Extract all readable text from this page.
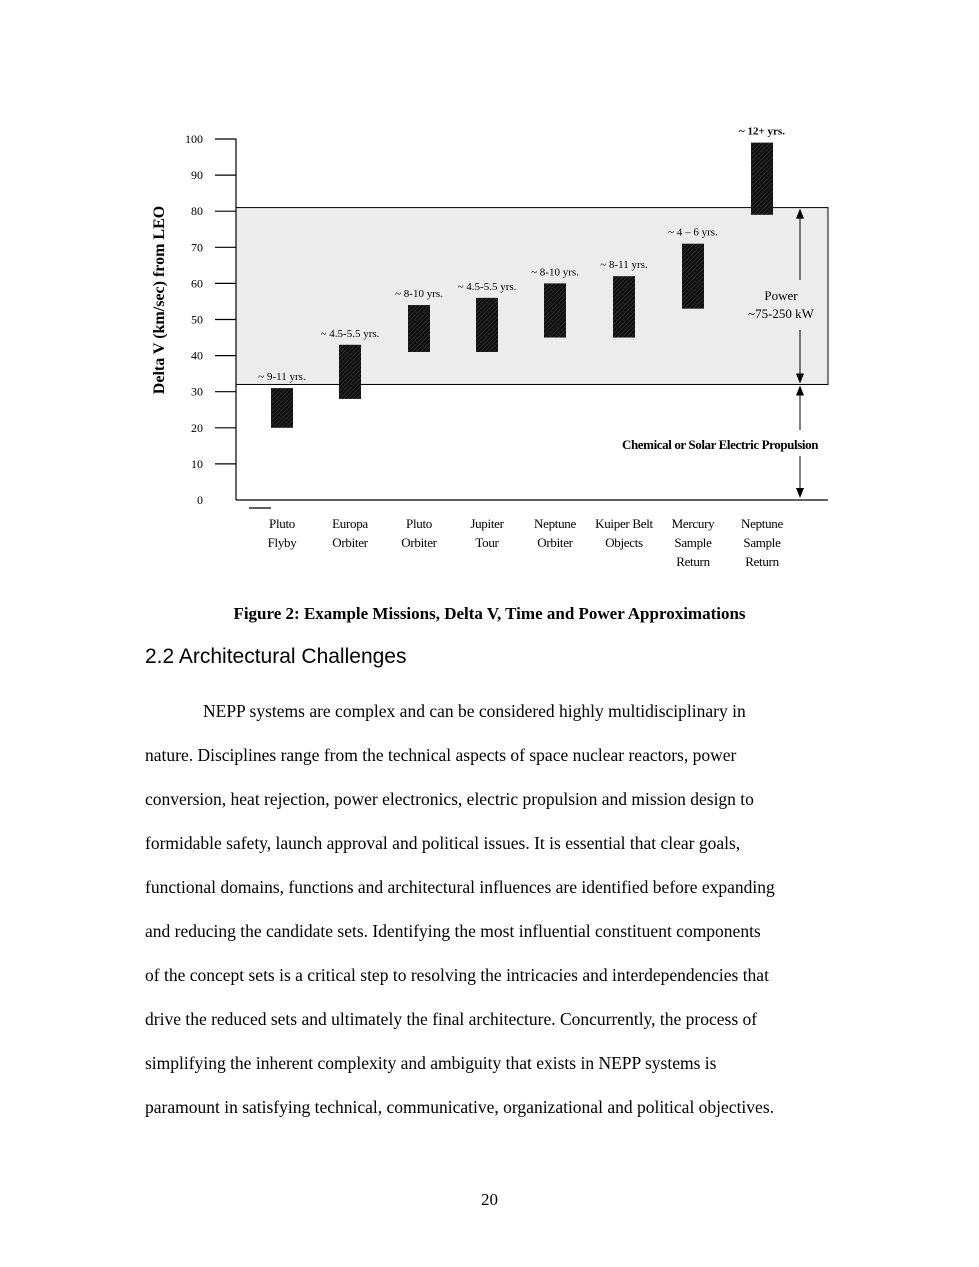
0
10
20
30
40
50
60
70
80
90
100
Delta V (km/sec) from LEO	~ 9-11 yrs.
~ 4.5-5.5 yrs.
~ 8-10 yrs.
~ 4.5-5.5 yrs.
~ 8-10 yrs.
~ 8-11 yrs.
~ 4 – 6 yrs.
~ 12+ yrs.
Pluto
Flyby
Europa
Orbiter
Pluto
Orbiter
Jupiter
Tour
Neptune
Orbiter
Kuiper Belt
Objects
Mercury
Sample
Return
Neptune
Sample
Return
Power
~75-250 kW
Chemical or Solar Electric Propulsion
Figure 2: Example Missions, Delta V, Time and Power Approximations
2.2 Architectural Challenges
NEPP systems are complex and can be considered highly multidisciplinary in
nature. Disciplines range from the technical aspects of space nuclear reactors, power
conversion, heat rejection, power electronics, electric propulsion and mission design to
formidable safety, launch approval and political issues. It is essential that clear goals,
functional domains, functions and architectural influences are identified before expanding
and reducing the candidate sets. Identifying the most influential constituent components
of the concept sets is a critical step to resolving the intricacies and interdependencies that
drive the reduced sets and ultimately the final architecture. Concurrently, the process of
simplifying the inherent complexity and ambiguity that exists in NEPP systems is
paramount in satisfying technical, communicative, organizational and political objectives.
20
